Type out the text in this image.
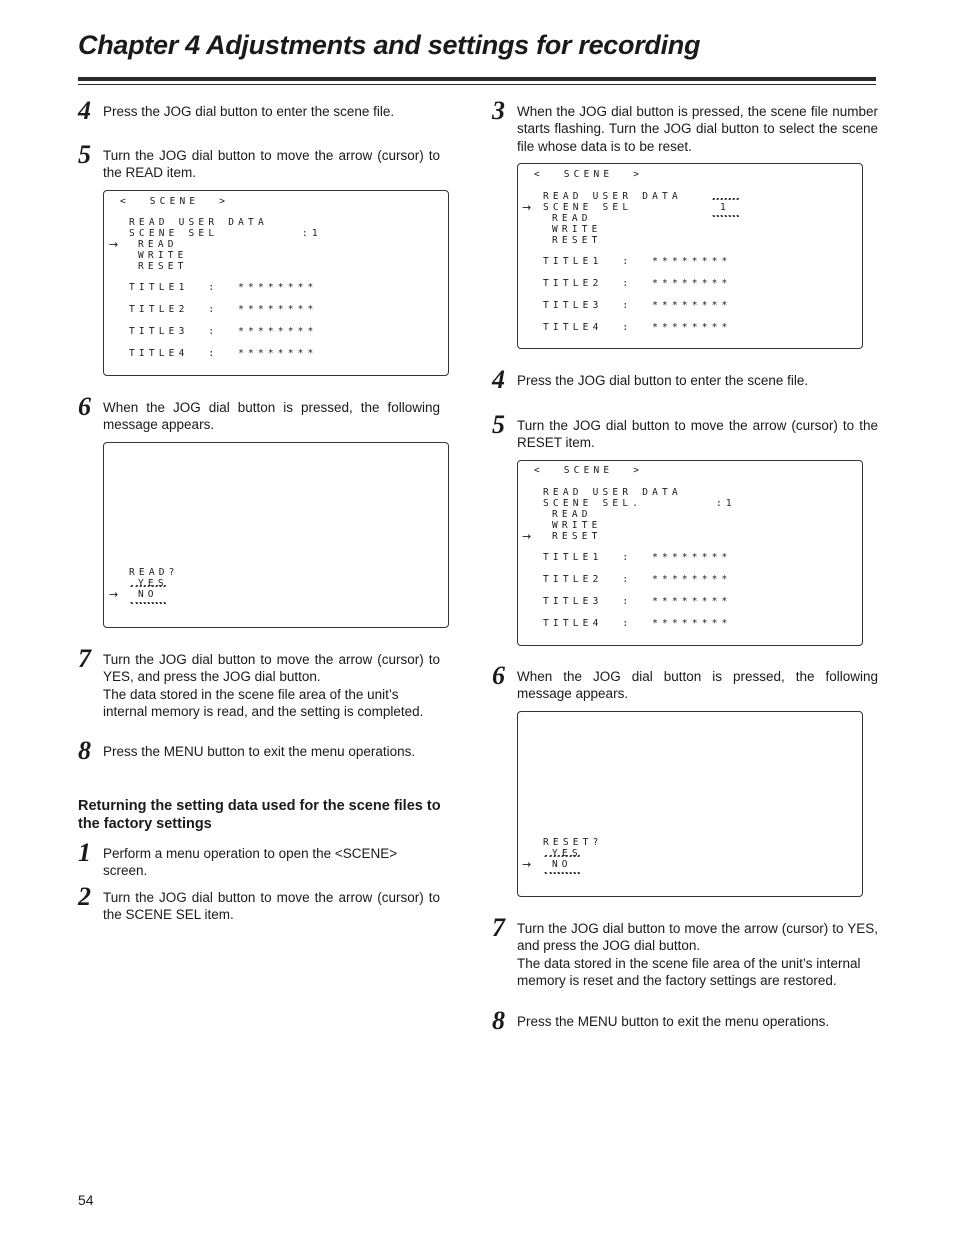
Chapter 4 Adjustments and settings for recording
4 Press the JOG dial button to enter the scene file.

5 Turn the JOG dial button to move the arrow (cursor) to the READ item.

<  SCENE  >
READ USER DATA
SCENE SEL	:1
→ READ
WRITE
RESET
TITLE1  :  ********
TITLE2  :  ********
TITLE3  :  ********
TITLE4  :  ********
6 When the JOG dial button is pressed, the following message appears.

READ?
YES
→ NO
7 Turn the JOG dial button to move the arrow (cursor) to YES, and press the JOG dial button.

The data stored in the scene file area of the unit’s internal memory is read, and the setting is completed.

8 Press the MENU button to exit the menu operations.

Returning the setting data used for the scene files to the factory settings
1 Perform a menu operation to open the <SCENE> screen.

2 Turn the JOG dial button to move the arrow (cursor) to the SCENE SEL item.

3 When the JOG dial button is pressed, the scene file number starts flashing. Turn the JOG dial button to select the scene file whose data is to be reset.

<  SCENE  >
READ USER DATA
→ SCENE SEL	1
READ
WRITE
RESET
TITLE1  :  ********
TITLE2  :  ********
TITLE3  :  ********
TITLE4  :  ********
4 Press the JOG dial button to enter the scene file.

5 Turn the JOG dial button to move the arrow (cursor) to the RESET item.

<  SCENE  >
READ USER DATA
SCENE SEL.	:1
READ
WRITE
→ RESET
TITLE1  :  ********
TITLE2  :  ********
TITLE3  :  ********
TITLE4  :  ********
6 When the JOG dial button is pressed, the following message appears.

RESET?
YES
→ NO
7 Turn the JOG dial button to move the arrow (cursor) to YES, and press the JOG dial button.

The data stored in the scene file area of the unit’s internal memory is reset and the factory settings are restored.

8 Press the MENU button to exit the menu operations.

54
